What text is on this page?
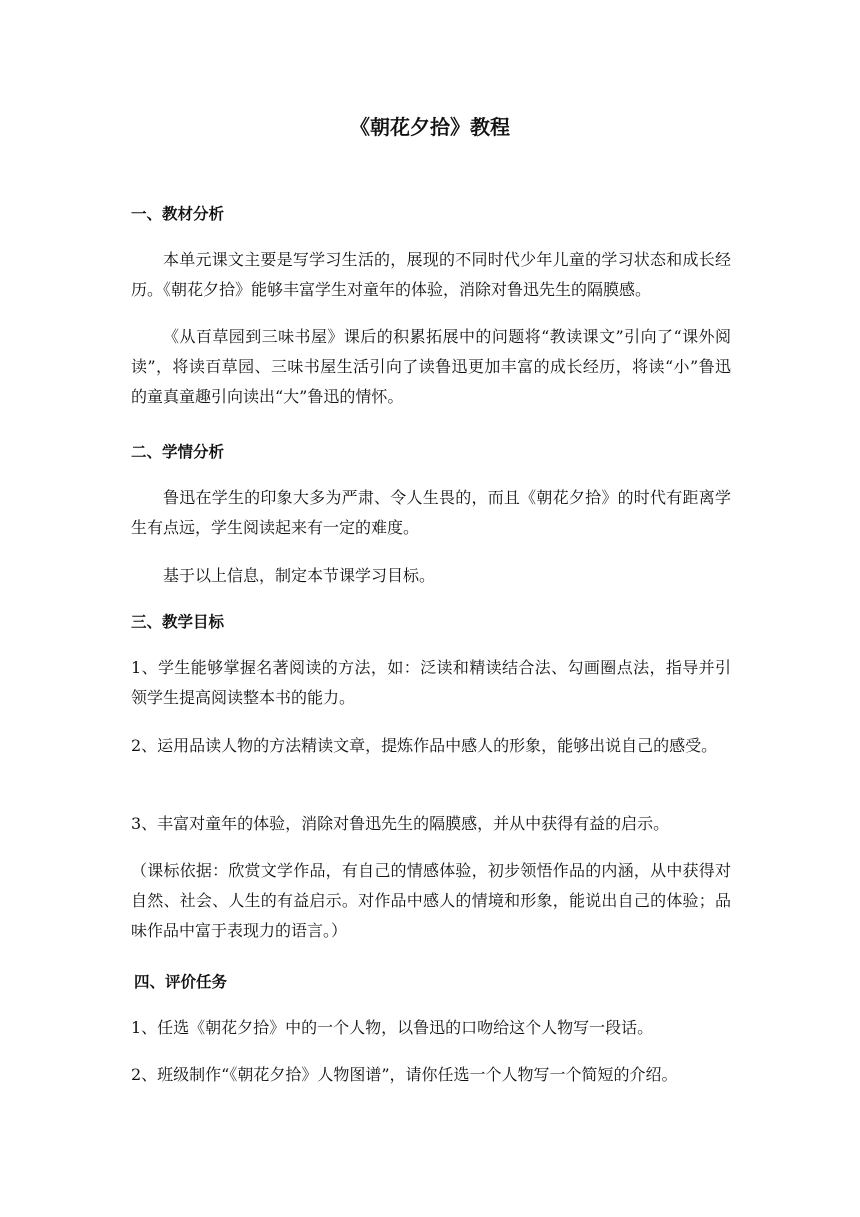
《朝花夕拾》教程
一、教材分析

本单元课文主要是写学习生活的，展现的不同时代少年儿童的学习状态和成长经历。《朝花夕拾》能够丰富学生对童年的体验，消除对鲁迅先生的隔膜感。

《从百草园到三味书屋》课后的积累拓展中的问题将“教读课文”引向了“课外阅读”，将读百草园、三味书屋生活引向了读鲁迅更加丰富的成长经历，将读“小”鲁迅的童真童趣引向读出“大”鲁迅的情怀。

二、学情分析

鲁迅在学生的印象大多为严肃、令人生畏的，而且《朝花夕拾》的时代有距离学生有点远，学生阅读起来有一定的难度。

基于以上信息，制定本节课学习目标。

三、教学目标

1、学生能够掌握名著阅读的方法，如：泛读和精读结合法、勾画圈点法，指导并引领学生提高阅读整本书的能力。

2、运用品读人物的方法精读文章，提炼作品中感人的形象，能够出说自己的感受。

3、丰富对童年的体验，消除对鲁迅先生的隔膜感，并从中获得有益的启示。

（课标依据：欣赏文学作品，有自己的情感体验，初步领悟作品的内涵，从中获得对自然、社会、人生的有益启示。对作品中感人的情境和形象，能说出自己的体验；品味作品中富于表现力的语言。）

四、评价任务

1、任选《朝花夕拾》中的一个人物，以鲁迅的口吻给这个人物写一段话。

2、班级制作“《朝花夕拾》人物图谱”，请你任选一个人物写一个简短的介绍。
